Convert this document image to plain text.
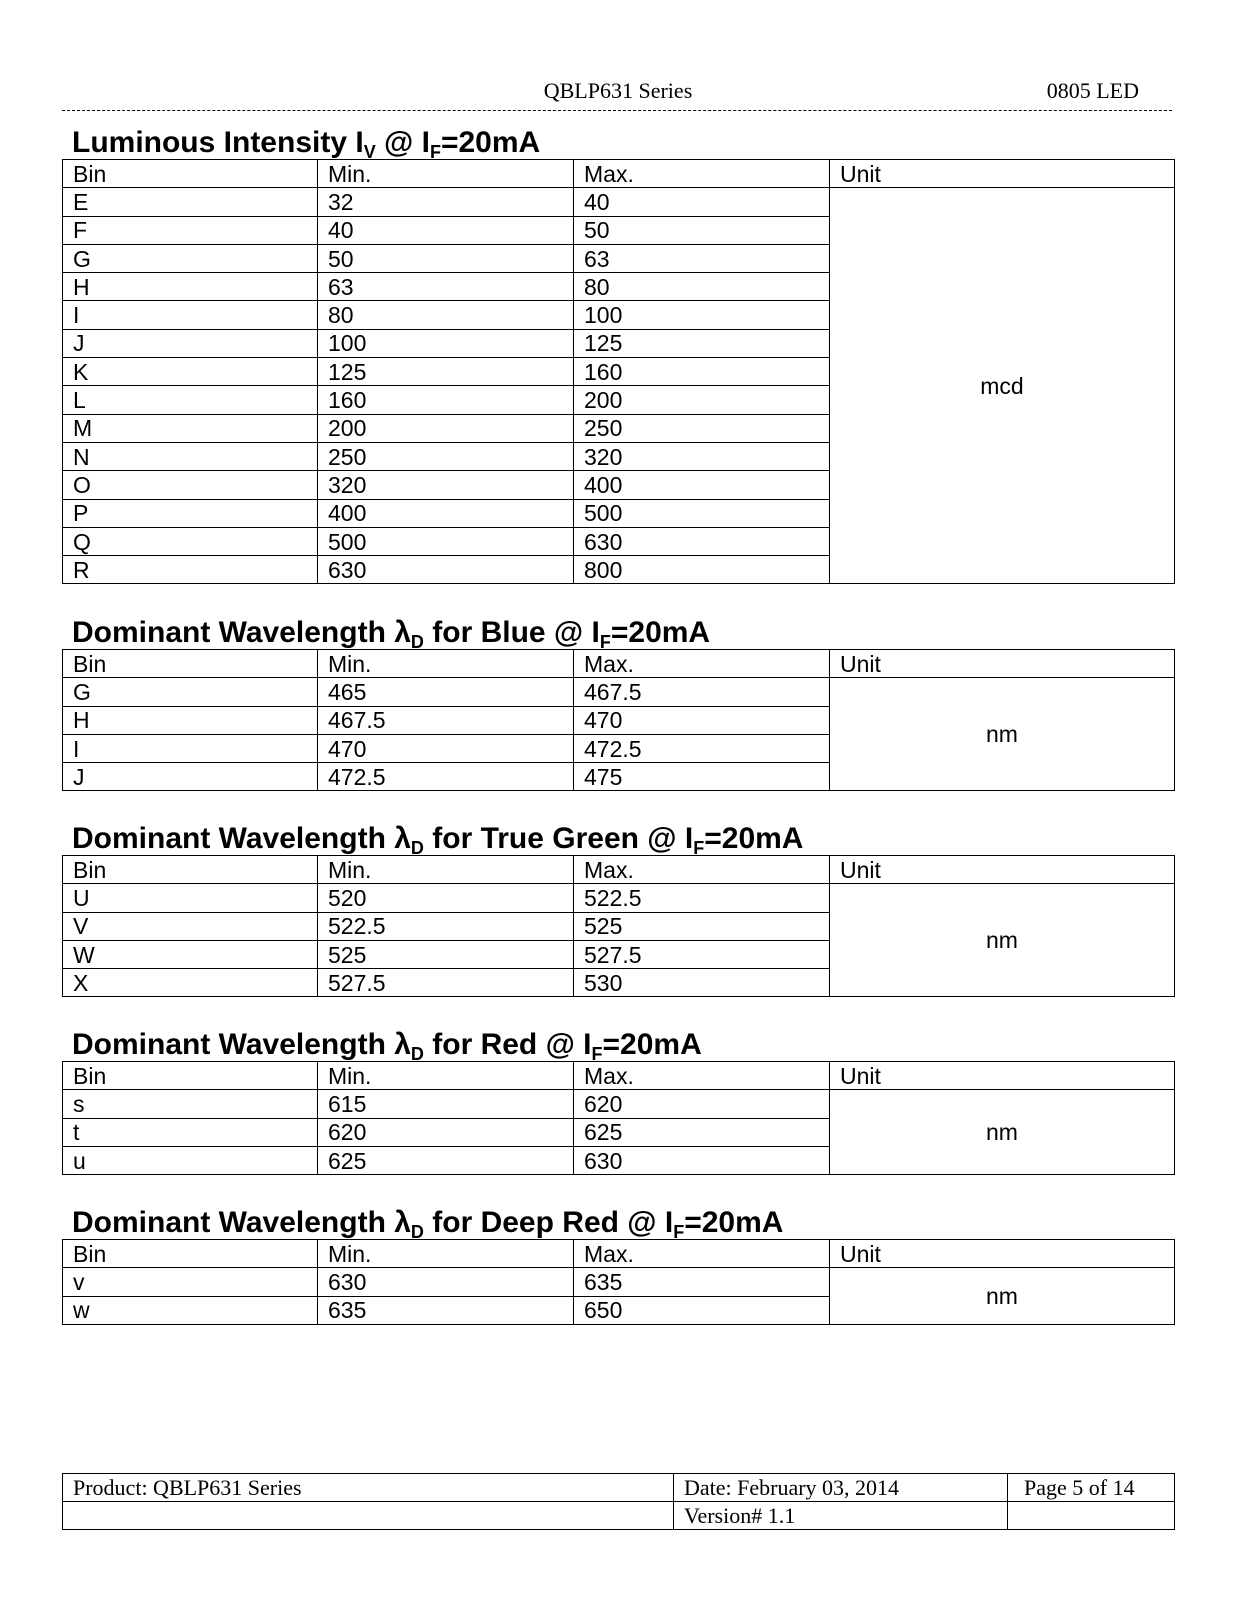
QBLP631 Series	0805 LED
Luminous Intensity $I_V$ @ $I_F=20mA$
Bin	Min.	Max.	Unit
E	32	40	mcd
F	40	50	
G	50	63	
H	63	80	
I	80	100	
J	100	125	
K	125	160	
L	160	200	
M	200	250	
N	250	320	
O	320	400	
P	400	500	
Q	500	630	
R	630	800	
Dominant Wavelength $\lambda_D$ for Blue @ $I_F=20mA$
Bin	Min.	Max.	Unit
G	465	467.5	nm
H	467.5	470	
I	470	472.5	
J	472.5	475	
Dominant Wavelength $\lambda_D$ for True Green @ $I_F=20mA$
Bin	Min.	Max.	Unit
U	520	522.5	nm
V	522.5	525	
W	525	527.5	
X	527.5	530	
Dominant Wavelength $\lambda_D$ for Red @ $I_F=20mA$
Bin	Min.	Max.	Unit
s	615	620	nm
t	620	625	
u	625	630	
Dominant Wavelength $\lambda_D$ for Deep Red @ $I_F=20mA$
Bin	Min.	Max.	Unit
v	630	635	nm
w	635	650	
Product: QBLP631 Series	Date: February 03, 2014	Page 5 of 14
	Version# 1.1	
